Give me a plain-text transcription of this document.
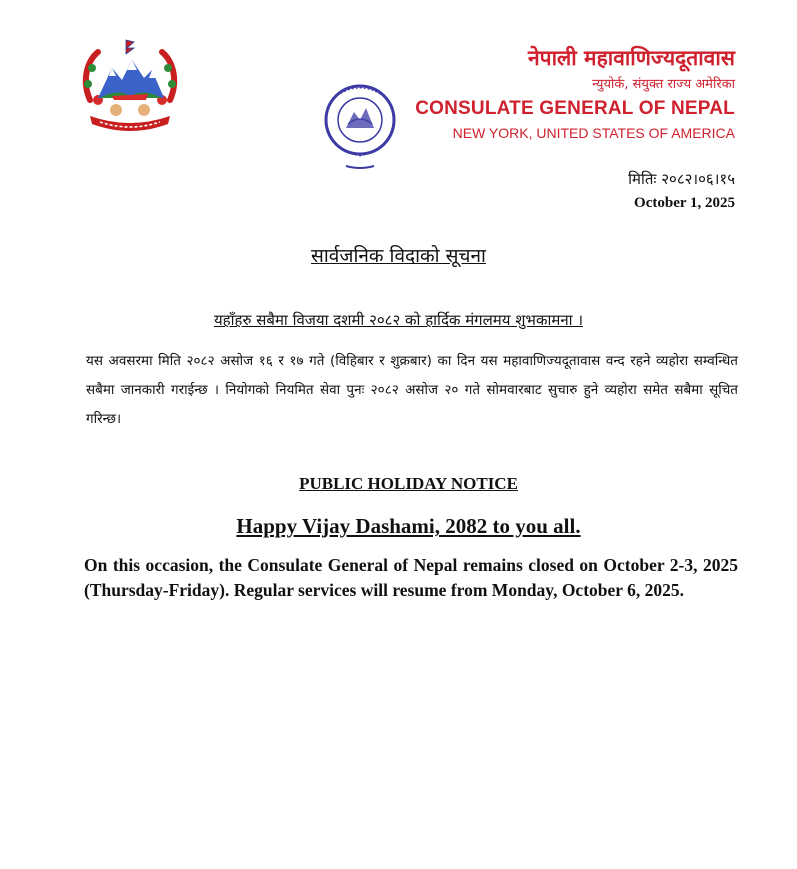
नेपाली महावाणिज्यदूतावास
न्युयोर्क, संयुक्त राज्य अमेरिका
CONSULATE GENERAL OF NEPAL
NEW YORK, UNITED STATES OF AMERICA
मितिः २०८२।०६।१५
October 1, 2025
सार्वजनिक विदाको सूचना
यहाँहरु सबैमा विजया दशमी २०८२ को हार्दिक मंगलमय शुभकामना ।

यस अवसरमा मिति २०८२ असोज १६ र १७ गते (विहिबार र शुक्रबार) का दिन यस महावाणिज्यदूतावास वन्द रहने व्यहोरा सम्वन्धित सबैमा जानकारी गराईन्छ । नियोगको नियमित सेवा पुनः २०८२ असोज २० गते सोमवारबाट सुचारु हुने व्यहोरा समेत सबैमा सूचित गरिन्छ।

PUBLIC HOLIDAY NOTICE
Happy Vijay Dashami, 2082 to you all.

On this occasion, the Consulate General of Nepal remains closed on October 2-3, 2025 (Thursday-Friday). Regular services will resume from Monday, October 6, 2025.
